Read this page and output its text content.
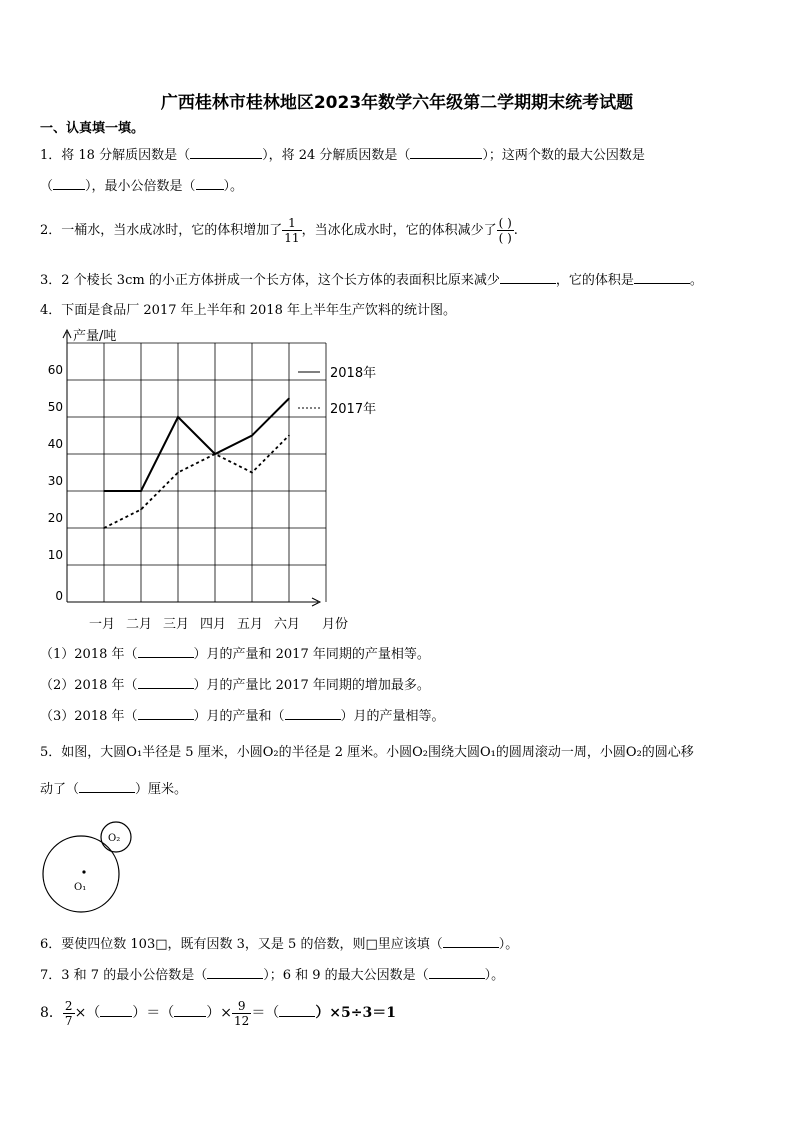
广西桂林市桂林地区2023年数学六年级第二学期期末统考试题
一、认真填一填。
1．将 18 分解质因数是（	），将 24 分解质因数是（	）；这两个数的最大公因数是
（ ），最小公倍数是（ ）。
2．一桶水，当水成冰时，它的体积增加了 $\frac{1}{11}$ ，当冰化成水时，它的体积减少了 $\frac{( )}{( )}$ .
3．2 个棱长 3cm 的小正方体拼成一个长方体，这个长方体的表面积比原来减少	，它的体积是	。
4．下面是食品厂 2017 年上半年和 2018 年上半年生产饮料的统计图。
产量/吨
月份
0
10
20
30
40
50
60
一月 二月 三月 四月 五月 六月
2018年
2017年
（1）2018 年（	）月的产量和 2017 年同期的产量相等。
（2）2018 年（	）月的产量比 2017 年同期的增加最多。
（3）2018 年（	）月的产量和（	）月的产量相等。
5．如图，大圆O₁半径是 5 厘米，小圆O₂的半径是 2 厘米。小圆O₂围绕大圆O₁的圆周滚动一周，小圆O₂的圆心移
动了（	）厘米。
O₁
O₂
6．要使四位数 103□，既有因数 3，又是 5 的倍数，则□里应该填（	）。
7．3 和 7 的最小公倍数是（	）；6 和 9 的最大公因数是（	）。
8． $\frac{2}{7}$ ×（ ）＝（ ）× $\frac{9}{12}$ ＝（	）×5÷3＝1
